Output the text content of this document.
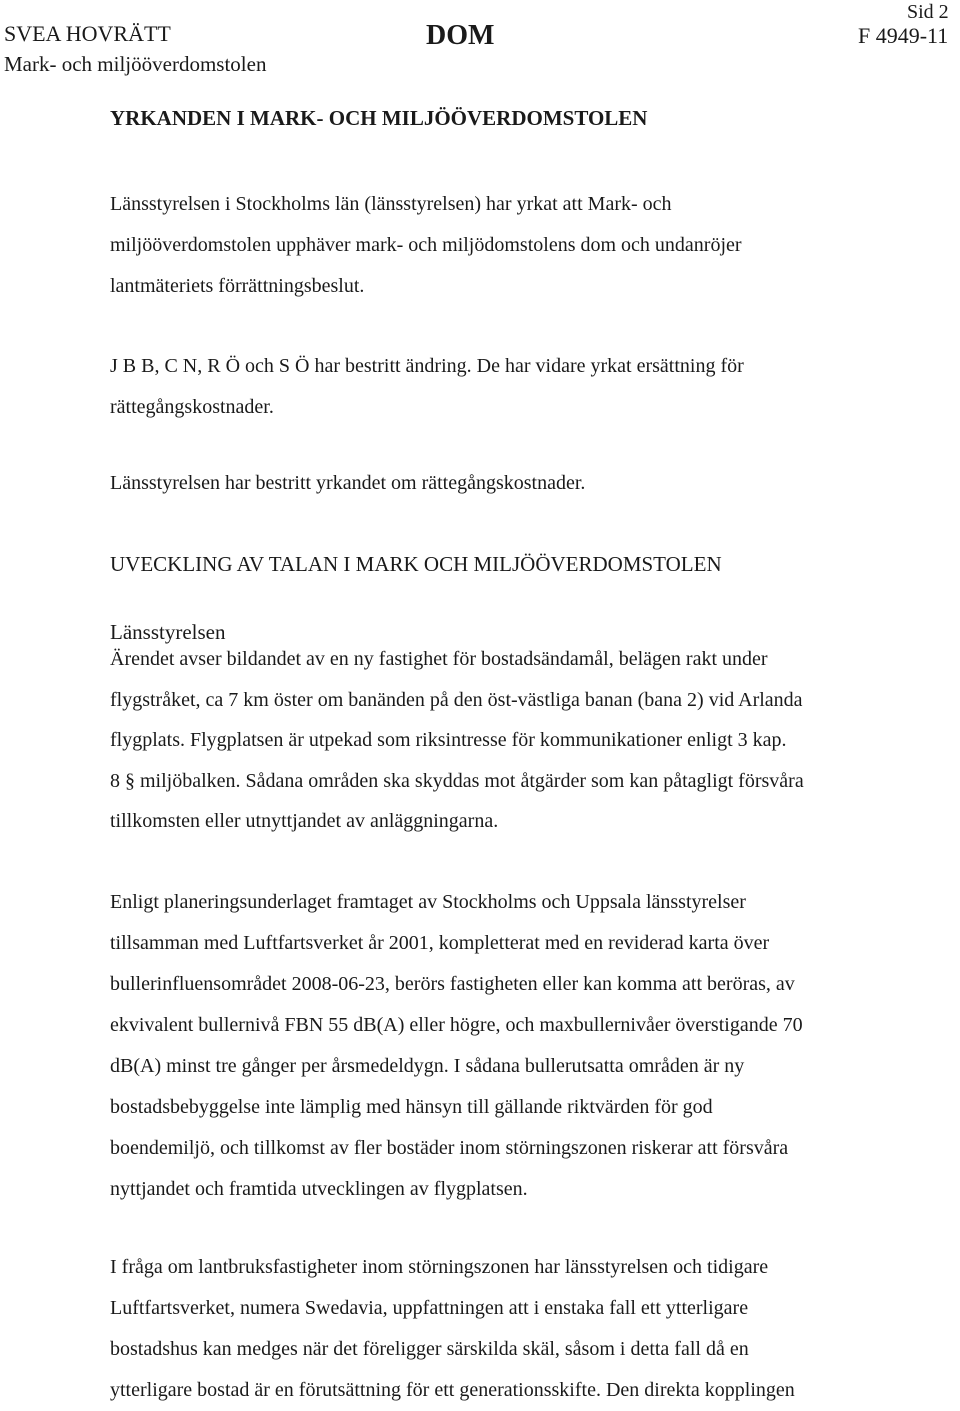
SVEA HOVRÄTT
Mark- och miljööverdomstolen
DOM
Sid 2
F 4949-11
YRKANDEN I MARK- OCH MILJÖÖVERDOMSTOLEN
Länsstyrelsen i Stockholms län (länsstyrelsen) har yrkat att Mark- och
miljööverdomstolen upphäver mark- och miljödomstolens dom och undanröjer
lantmäteriets förrättningsbeslut.
J B B, C N, R Ö och S Ö har bestritt ändring. De har vidare yrkat ersättning för
rättegångskostnader.
Länsstyrelsen har bestritt yrkandet om rättegångskostnader.
UVECKLING AV TALAN I MARK OCH MILJÖÖVERDOMSTOLEN
Länsstyrelsen
Ärendet avser bildandet av en ny fastighet för bostadsändamål, belägen rakt under
flygstråket, ca 7 km öster om banänden på den öst-västliga banan (bana 2) vid Arlanda
flygplats. Flygplatsen är utpekad som riksintresse för kommunikationer enligt 3 kap.
8 § miljöbalken. Sådana områden ska skyddas mot åtgärder som kan påtagligt försvåra
tillkomsten eller utnyttjandet av anläggningarna.
Enligt planeringsunderlaget framtaget av Stockholms och Uppsala länsstyrelser
tillsamman med Luftfartsverket år 2001, kompletterat med en reviderad karta över
bullerinfluensområdet 2008-06-23, berörs fastigheten eller kan komma att beröras, av
ekvivalent bullernivå FBN 55 dB(A) eller högre, och maxbullernivåer överstigande 70
dB(A) minst tre gånger per årsmedeldygn. I sådana bullerutsatta områden är ny
bostadsbebyggelse inte lämplig med hänsyn till gällande riktvärden för god
boendemiljö, och tillkomst av fler bostäder inom störningszonen riskerar att försvåra
nyttjandet och framtida utvecklingen av flygplatsen.
I fråga om lantbruksfastigheter inom störningszonen har länsstyrelsen och tidigare
Luftfartsverket, numera Swedavia, uppfattningen att i enstaka fall ett ytterligare
bostadshus kan medges när det föreligger särskilda skäl, såsom i detta fall då en
ytterligare bostad är en förutsättning för ett generationsskifte. Den direkta kopplingen
